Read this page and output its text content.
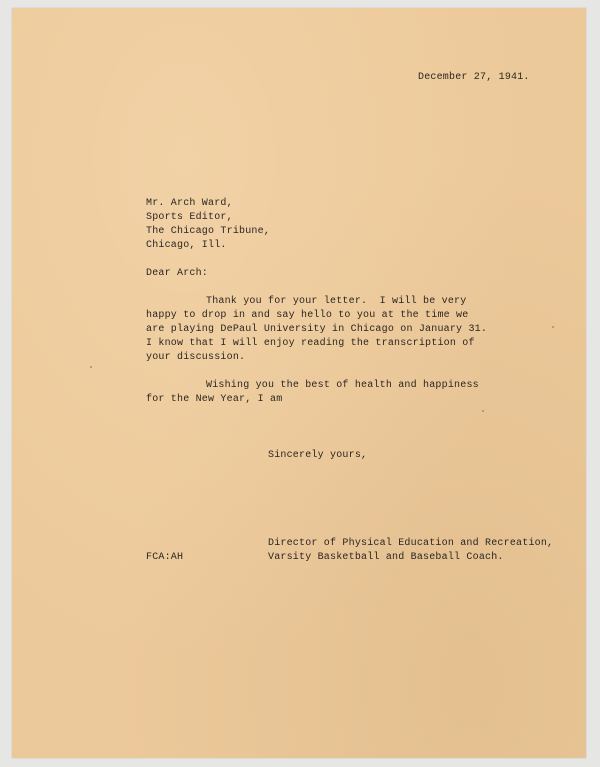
December 27, 1941.

Mr. Arch Ward,

Sports Editor,

The Chicago Tribune,

Chicago, Ill.

Dear Arch:

Thank you for your letter.  I will be very

happy to drop in and say hello to you at the time we

are playing DePaul University in Chicago on January 31.

I know that I will enjoy reading the transcription of

your discussion.

Wishing you the best of health and happiness

for the New Year, I am

Sincerely yours,

Director of Physical Education and Recreation,

Varsity Basketball and Baseball Coach.

FCA:AH
